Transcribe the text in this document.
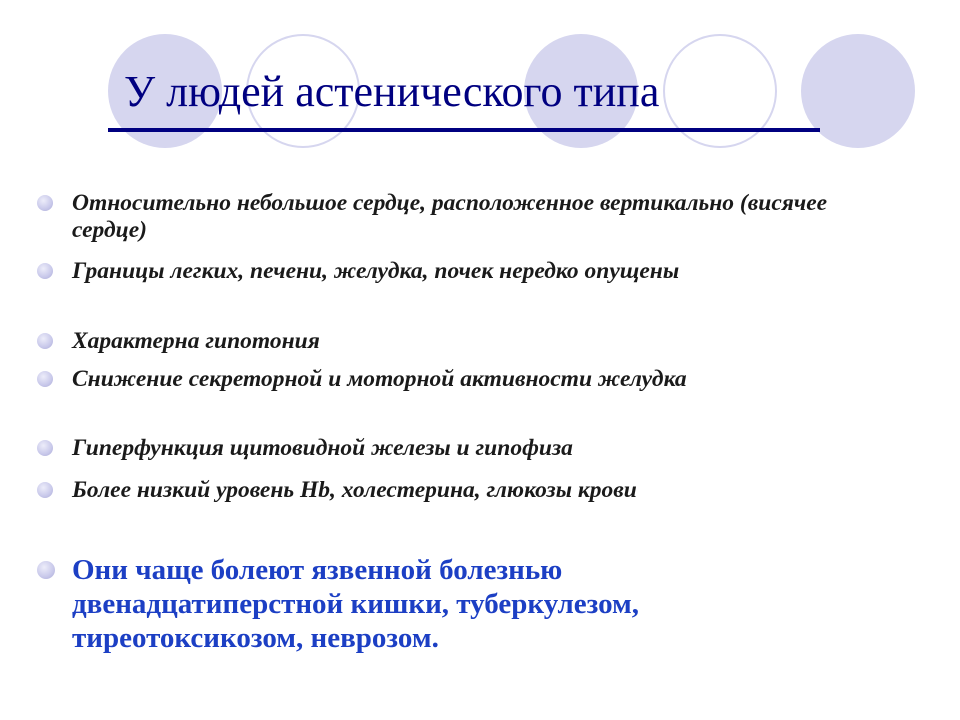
У людей астенического типа
Относительно небольшое сердце, расположенное вертикально (висячее сердце)
Границы легких, печени, желудка, почек нередко опущены
Характерна гипотония
Снижение секреторной и моторной активности желудка
Гиперфункция щитовидной железы и гипофиза
Более низкий уровень Hb, холестерина, глюкозы крови
Они чаще болеют язвенной болезнью двенадцатиперстной кишки, туберкулезом, тиреотоксикозом, неврозом.
